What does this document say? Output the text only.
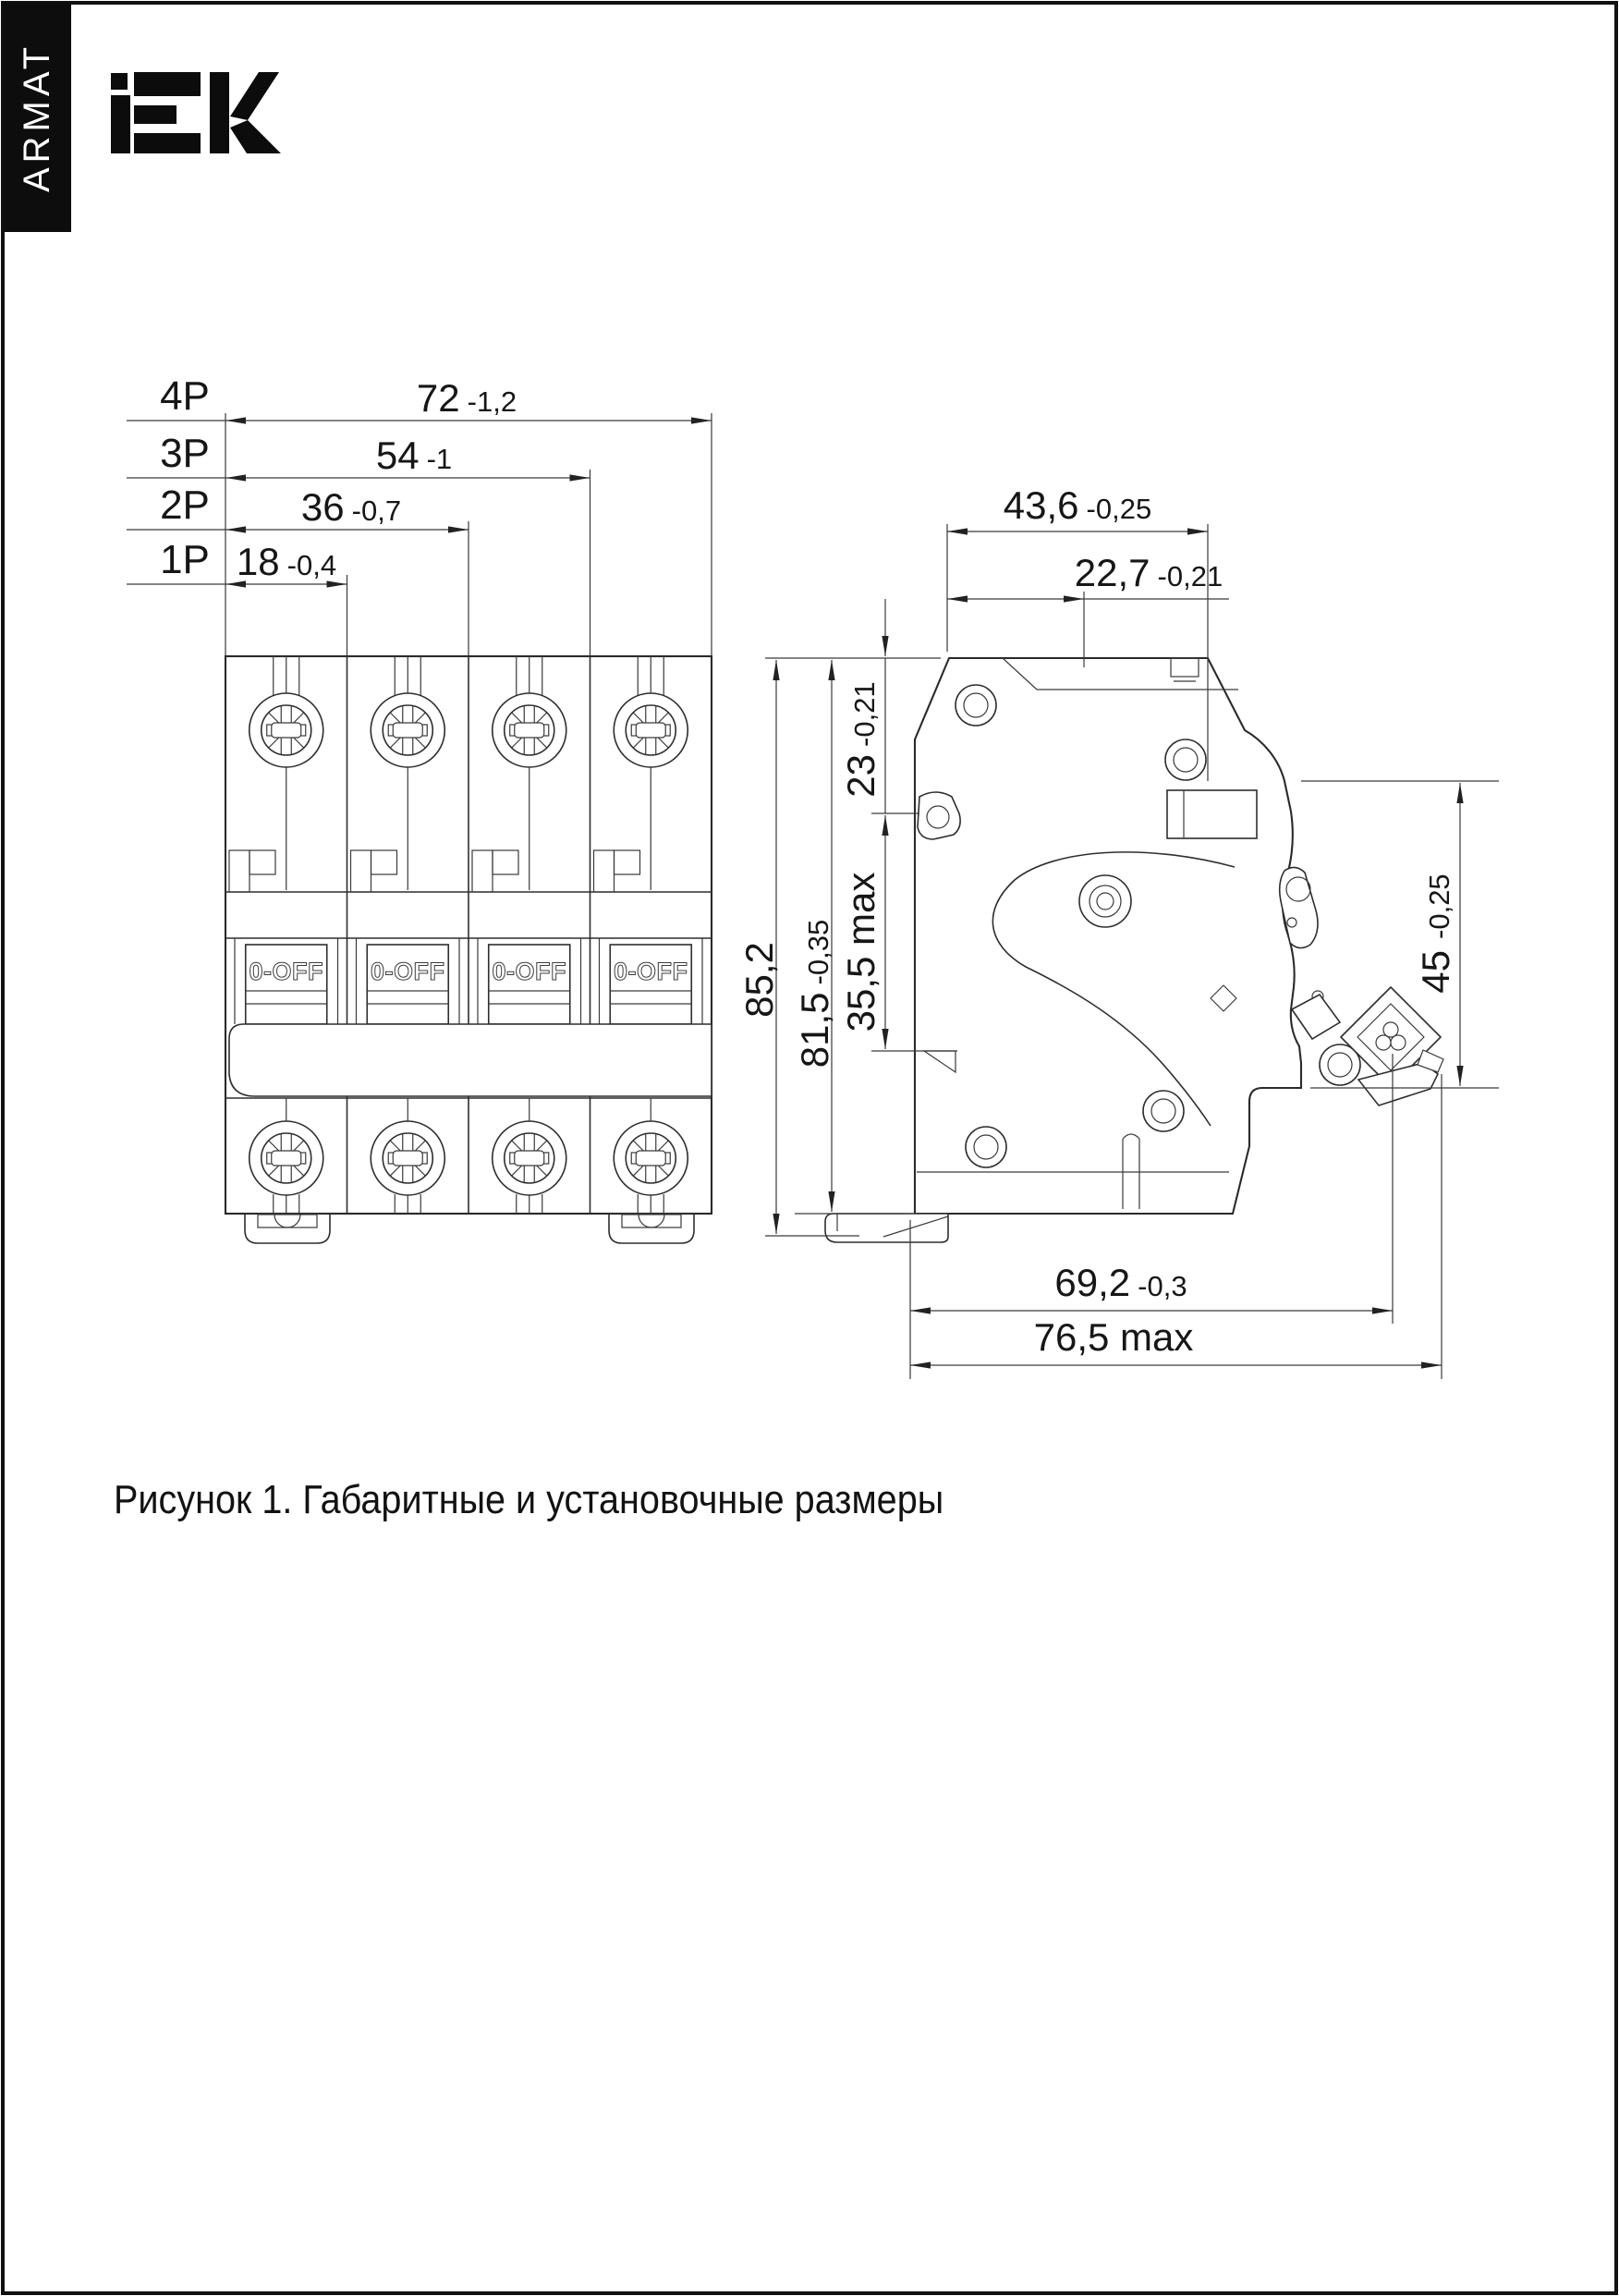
ARMAT
4P	72 -1,2
3P	54 -1
2P 36 -0,7
1P 18 -0,4
0-OFF 0-OFF 0-OFF 0-OFF
43,6 -0,25
22,7 -0,21
23-0,21
35,5 max
85,2
81,5-0,35	45-0,25
69,2 -0,3
76,5 max
Рисунок 1. Габаритные и установочные размеры
